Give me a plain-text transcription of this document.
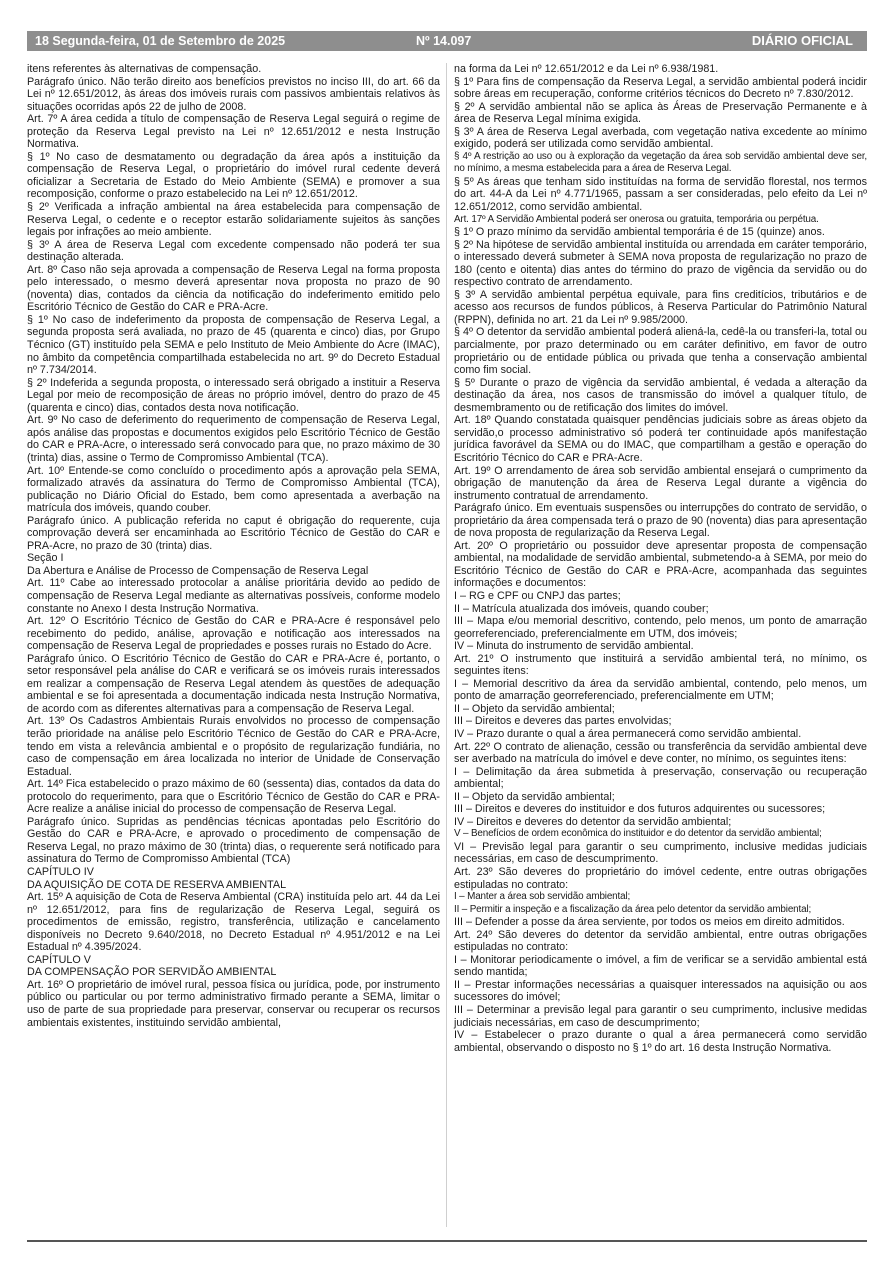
18 Segunda-feira, 01 de Setembro de 2025	Nº 14.097	DIÁRIO OFICIAL

itens referentes às alternativas de compensação.

Parágrafo único. Não terão direito aos benefícios previstos no inciso III, do art. 66 da Lei nº 12.651/2012, às áreas dos imóveis rurais com passivos ambientais relativos às situações ocorridas após 22 de julho de 2008.

Art. 7º A área cedida a título de compensação de Reserva Legal seguirá o regime de proteção da Reserva Legal previsto na Lei nº 12.651/2012 e nesta Instrução Normativa.

§ 1º No caso de desmatamento ou degradação da área após a instituição da compensação de Reserva Legal, o proprietário do imóvel rural cedente deverá oficializar a Secretaria de Estado do Meio Ambiente (SEMA) e promover a sua recomposição, conforme o prazo estabelecido na Lei nº 12.651/2012.

§ 2º Verificada a infração ambiental na área estabelecida para compensação de Reserva Legal, o cedente e o receptor estarão solidariamente sujeitos às sanções legais por infrações ao meio ambiente.

§ 3º A área de Reserva Legal com excedente compensado não poderá ter sua destinação alterada.

Art. 8º Caso não seja aprovada a compensação de Reserva Legal na forma proposta pelo interessado, o mesmo deverá apresentar nova proposta no prazo de 90 (noventa) dias, contados da ciência da notificação do indeferimento emitido pelo Escritório Técnico de Gestão do CAR e PRA-Acre.

§ 1º No caso de indeferimento da proposta de compensação de Reserva Legal, a segunda proposta será avaliada, no prazo de 45 (quarenta e cinco) dias, por Grupo Técnico (GT) instituído pela SEMA e pelo Instituto de Meio Ambiente do Acre (IMAC), no âmbito da competência compartilhada estabelecida no art. 9º do Decreto Estadual nº 7.734/2014.

§ 2º Indeferida a segunda proposta, o interessado será obrigado a instituir a Reserva Legal por meio de recomposição de áreas no próprio imóvel, dentro do prazo de 45 (quarenta e cinco) dias, contados desta nova notificação.

Art. 9º No caso de deferimento do requerimento de compensação de Reserva Legal, após análise das propostas e documentos exigidos pelo Escritório Técnico de Gestão do CAR e PRA-Acre, o interessado será convocado para que, no prazo máximo de 30 (trinta) dias, assine o Termo de Compromisso Ambiental (TCA).

Art. 10º Entende-se como concluído o procedimento após a aprovação pela SEMA, formalizado através da assinatura do Termo de Compromisso Ambiental (TCA), publicação no Diário Oficial do Estado, bem como apresentada a averbação na matrícula dos imóveis, quando couber.

Parágrafo único. A publicação referida no caput é obrigação do requerente, cuja comprovação deverá ser encaminhada ao Escritório Técnico de Gestão do CAR e PRA-Acre, no prazo de 30 (trinta) dias.

Seção I

Da Abertura e Análise de Processo de Compensação de Reserva Legal

Art. 11º Cabe ao interessado protocolar a análise prioritária devido ao pedido de compensação de Reserva Legal mediante as alternativas possíveis, conforme modelo constante no Anexo I desta Instrução Normativa.

Art. 12º O Escritório Técnico de Gestão do CAR e PRA-Acre é responsável pelo recebimento do pedido, análise, aprovação e notificação aos interessados na compensação de Reserva Legal de propriedades e posses rurais no Estado do Acre.

Parágrafo único. O Escritório Técnico de Gestão do CAR e PRA-Acre é, portanto, o setor responsável pela análise do CAR e verificará se os imóveis rurais interessados em realizar a compensação de Reserva Legal atendem às questões de adequação ambiental e se foi apresentada a documentação indicada nesta Instrução Normativa, de acordo com as diferentes alternativas para a compensação de Reserva Legal.

Art. 13º Os Cadastros Ambientais Rurais envolvidos no processo de compensação terão prioridade na análise pelo Escritório Técnico de Gestão do CAR e PRA-Acre, tendo em vista a relevância ambiental e o propósito de regularização fundiária, no caso de compensação em área localizada no interior de Unidade de Conservação Estadual.

Art. 14º Fica estabelecido o prazo máximo de 60 (sessenta) dias, contados da data do protocolo do requerimento, para que o Escritório Técnico de Gestão do CAR e PRA-Acre realize a análise inicial do processo de compensação de Reserva Legal.

Parágrafo único. Supridas as pendências técnicas apontadas pelo Escritório do Gestão do CAR e PRA-Acre, e aprovado o procedimento de compensação de Reserva Legal, no prazo máximo de 30 (trinta) dias, o requerente será notificado para assinatura do Termo de Compromisso Ambiental (TCA)

CAPÍTULO IV

DA AQUISIÇÃO DE COTA DE RESERVA AMBIENTAL

Art. 15º A aquisição de Cota de Reserva Ambiental (CRA) instituída pelo art. 44 da Lei nº 12.651/2012, para fins de regularização de Reserva Legal, seguirá os procedimentos de emissão, registro, transferência, utilização e cancelamento disponíveis no Decreto 9.640/2018, no Decreto Estadual nº 4.951/2012 e na Lei Estadual nº 4.395/2024.

CAPÍTULO V

DA COMPENSAÇÃO POR SERVIDÃO AMBIENTAL

Art. 16º O proprietário de imóvel rural, pessoa física ou jurídica, pode, por instrumento público ou particular ou por termo administrativo firmado perante a SEMA, limitar o uso de parte de sua propriedade para preservar, conservar ou recuperar os recursos ambientais existentes, instituindo servidão ambiental,

na forma da Lei nº 12.651/2012 e da Lei nº 6.938/1981.

§ 1º Para fins de compensação da Reserva Legal, a servidão ambiental poderá incidir sobre áreas em recuperação, conforme critérios técnicos do Decreto nº 7.830/2012.

§ 2º A servidão ambiental não se aplica às Áreas de Preservação Permanente e à área de Reserva Legal mínima exigida.

§ 3º A área de Reserva Legal averbada, com vegetação nativa excedente ao mínimo exigido, poderá ser utilizada como servidão ambiental.

§ 4º A restrição ao uso ou à exploração da vegetação da área sob servidão ambiental deve ser, no mínimo, a mesma estabelecida para a área de Reserva Legal.

§ 5º As áreas que tenham sido instituídas na forma de servidão florestal, nos termos do art. 44-A da Lei nº 4.771/1965, passam a ser consideradas, pelo efeito da Lei nº 12.651/2012, como servidão ambiental.

Art. 17º A Servidão Ambiental poderá ser onerosa ou gratuita, temporária ou perpétua.

§ 1º O prazo mínimo da servidão ambiental temporária é de 15 (quinze) anos.

§ 2º Na hipótese de servidão ambiental instituída ou arrendada em caráter temporário, o interessado deverá submeter à SEMA nova proposta de regularização no prazo de 180 (cento e oitenta) dias antes do término do prazo de vigência da servidão ou do respectivo contrato de arrendamento.

§ 3º A servidão ambiental perpétua equivale, para fins creditícios, tributários e de acesso aos recursos de fundos públicos, à Reserva Particular do Patrimônio Natural (RPPN), definida no art. 21 da Lei nº 9.985/2000.

§ 4º O detentor da servidão ambiental poderá aliená-la, cedê-la ou transferi-la, total ou parcialmente, por prazo determinado ou em caráter definitivo, em favor de outro proprietário ou de entidade pública ou privada que tenha a conservação ambiental como fim social.

§ 5º Durante o prazo de vigência da servidão ambiental, é vedada a alteração da destinação da área, nos casos de transmissão do imóvel a qualquer título, de desmembramento ou de retificação dos limites do imóvel.

Art. 18º Quando constatada quaisquer pendências judiciais sobre as áreas objeto da servidão,o processo administrativo só poderá ter continuidade após manifestação jurídica favorável da SEMA ou do IMAC, que compartilham a gestão e operação do Escritório Técnico do CAR e PRA-Acre.

Art. 19º O arrendamento de área sob servidão ambiental ensejará o cumprimento da obrigação de manutenção da área de Reserva Legal durante a vigência do instrumento contratual de arrendamento.

Parágrafo único. Em eventuais suspensões ou interrupções do contrato de servidão, o proprietário da área compensada terá o prazo de 90 (noventa) dias para apresentação de nova proposta de regularização da Reserva Legal.

Art. 20º O proprietário ou possuidor deve apresentar proposta de compensação ambiental, na modalidade de servidão ambiental, submetendo-a à SEMA, por meio do Escritório Técnico de Gestão do CAR e PRA-Acre, acompanhada das seguintes informações e documentos:

I – RG e CPF ou CNPJ das partes;

II – Matrícula atualizada dos imóveis, quando couber;

III – Mapa e/ou memorial descritivo, contendo, pelo menos, um ponto de amarração georreferenciado, preferencialmente em UTM, dos imóveis;

IV – Minuta do instrumento de servidão ambiental.

Art. 21º O instrumento que instituirá a servidão ambiental terá, no mínimo, os seguintes itens:

I – Memorial descritivo da área da servidão ambiental, contendo, pelo menos, um ponto de amarração georreferenciado, preferencialmente em UTM;

II – Objeto da servidão ambiental;

III – Direitos e deveres das partes envolvidas;

IV – Prazo durante o qual a área permanecerá como servidão ambiental.

Art. 22º O contrato de alienação, cessão ou transferência da servidão ambiental deve ser averbado na matrícula do imóvel e deve conter, no mínimo, os seguintes itens:

I – Delimitação da área submetida à preservação, conservação ou recuperação ambiental;

II – Objeto da servidão ambiental;

III – Direitos e deveres do instituidor e dos futuros adquirentes ou sucessores;

IV – Direitos e deveres do detentor da servidão ambiental;

V – Benefícios de ordem econômica do instituidor e do detentor da servidão ambiental;

VI – Previsão legal para garantir o seu cumprimento, inclusive medidas judiciais necessárias, em caso de descumprimento.

Art. 23º São deveres do proprietário do imóvel cedente, entre outras obrigações estipuladas no contrato:

I – Manter a área sob servidão ambiental;

II – Permitir a inspeção e a fiscalização da área pelo detentor da servidão ambiental;

III – Defender a posse da área serviente, por todos os meios em direito admitidos.

Art. 24º São deveres do detentor da servidão ambiental, entre outras obrigações estipuladas no contrato:

I – Monitorar periodicamente o imóvel, a fim de verificar se a servidão ambiental está sendo mantida;

II – Prestar informações necessárias a quaisquer interessados na aquisição ou aos sucessores do imóvel;

III – Determinar a previsão legal para garantir o seu cumprimento, inclusive medidas judiciais necessárias, em caso de descumprimento;

IV – Estabelecer o prazo durante o qual a área permanecerá como servidão ambiental, observando o disposto no § 1º do art. 16 desta Instrução Normativa.
